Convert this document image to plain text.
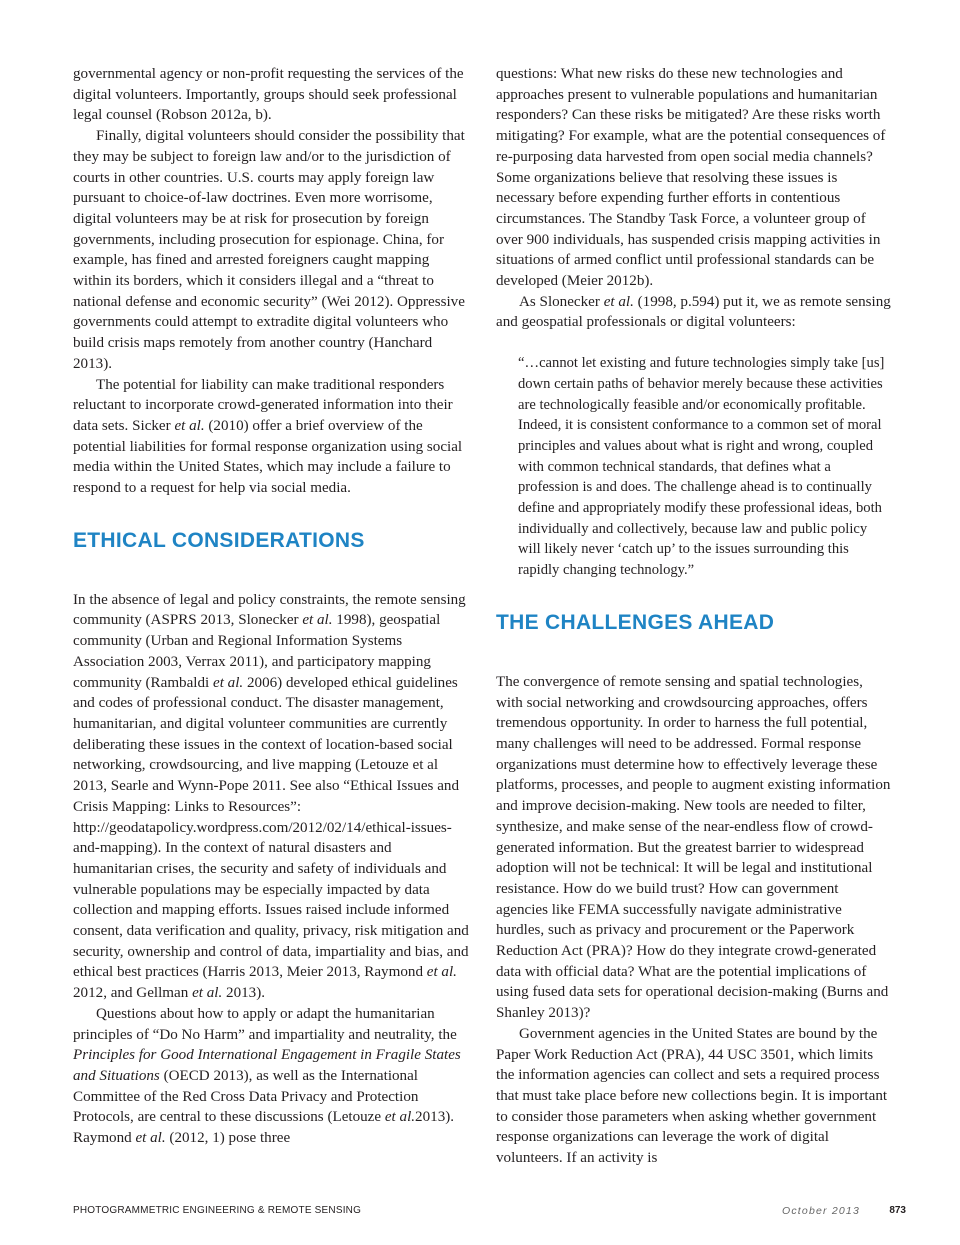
governmental agency or non-profit requesting the services of the digital volunteers. Importantly, groups should seek professional legal counsel (Robson 2012a, b).

Finally, digital volunteers should consider the possibility that they may be subject to foreign law and/or to the jurisdiction of courts in other countries. U.S. courts may apply foreign law pursuant to choice-of-law doctrines. Even more worrisome, digital volunteers may be at risk for prosecution by foreign governments, including prosecution for espionage. China, for example, has fined and arrested foreigners caught mapping within its borders, which it considers illegal and a “threat to national defense and economic security” (Wei 2012). Oppressive governments could attempt to extradite digital volunteers who build crisis maps remotely from another country (Hanchard 2013).

The potential for liability can make traditional responders reluctant to incorporate crowd-generated information into their data sets. Sicker et al. (2010) offer a brief overview of the potential liabilities for formal response organization using social media within the United States, which may include a failure to respond to a request for help via social media.

ETHICAL CONSIDERATIONS

In the absence of legal and policy constraints, the remote sensing community (ASPRS 2013, Slonecker et al. 1998), geospatial community (Urban and Regional Information Systems Association 2003, Verrax 2011), and participatory mapping community (Rambaldi et al. 2006) developed ethical guidelines and codes of professional conduct. The disaster management, humanitarian, and digital volunteer communities are currently deliberating these issues in the context of location-based social networking, crowdsourcing, and live mapping (Letouze et al 2013, Searle and Wynn-Pope 2011. See also “Ethical Issues and Crisis Mapping: Links to Resources”: http://geodatapolicy.wordpress.com/2012/02/14/ethical-issues-and-mapping). In the context of natural disasters and humanitarian crises, the security and safety of individuals and vulnerable populations may be especially impacted by data collection and mapping efforts. Issues raised include informed consent, data verification and quality, privacy, risk mitigation and security, ownership and control of data, impartiality and bias, and ethical best practices (Harris 2013, Meier 2013, Raymond et al. 2012, and Gellman et al. 2013).

Questions about how to apply or adapt the humanitarian principles of “Do No Harm” and impartiality and neutrality, the Principles for Good International Engagement in Fragile States and Situations (OECD 2013), as well as the International Committee of the Red Cross Data Privacy and Protection Protocols, are central to these discussions (Letouze et al.2013). Raymond et al. (2012, 1) pose three

questions: What new risks do these new technologies and approaches present to vulnerable populations and humanitarian responders? Can these risks be mitigated? Are these risks worth mitigating? For example, what are the potential consequences of re-purposing data harvested from open social media channels? Some organizations believe that resolving these issues is necessary before expending further efforts in contentious circumstances. The Standby Task Force, a volunteer group of over 900 individuals, has suspended crisis mapping activities in situations of armed conflict until professional standards can be developed (Meier 2012b).

As Slonecker et al. (1998, p.594) put it, we as remote sensing and geospatial professionals or digital volunteers:

“…cannot let existing and future technologies simply take [us] down certain paths of behavior merely because these activities are technologically feasible and/or economically profitable. Indeed, it is consistent conformance to a common set of moral principles and values about what is right and wrong, coupled with common technical standards, that defines what a profession is and does. The challenge ahead is to continually define and appropriately modify these professional ideas, both individually and collectively, because law and public policy will likely never ‘catch up’ to the issues surrounding this rapidly changing technology.”
THE CHALLENGES AHEAD

The convergence of remote sensing and spatial technologies, with social networking and crowdsourcing approaches, offers tremendous opportunity. In order to harness the full potential, many challenges will need to be addressed. Formal response organizations must determine how to effectively leverage these platforms, processes, and people to augment existing information and improve decision-making. New tools are needed to filter, synthesize, and make sense of the near-endless flow of crowd-generated information. But the greatest barrier to widespread adoption will not be technical: It will be legal and institutional resistance. How do we build trust? How can government agencies like FEMA successfully navigate administrative hurdles, such as privacy and procurement or the Paperwork Reduction Act (PRA)? How do they integrate crowd-generated data with official data? What are the potential implications of using fused data sets for operational decision-making (Burns and Shanley 2013)?

Government agencies in the United States are bound by the Paper Work Reduction Act (PRA), 44 USC 3501, which limits the information agencies can collect and sets a required process that must take place before new collections begin. It is important to consider those parameters when asking whether government response organizations can leverage the work of digital volunteers. If an activity is

PHOTOGRAMMETRIC ENGINEERING & REMOTE SENSING	October 2013	873
